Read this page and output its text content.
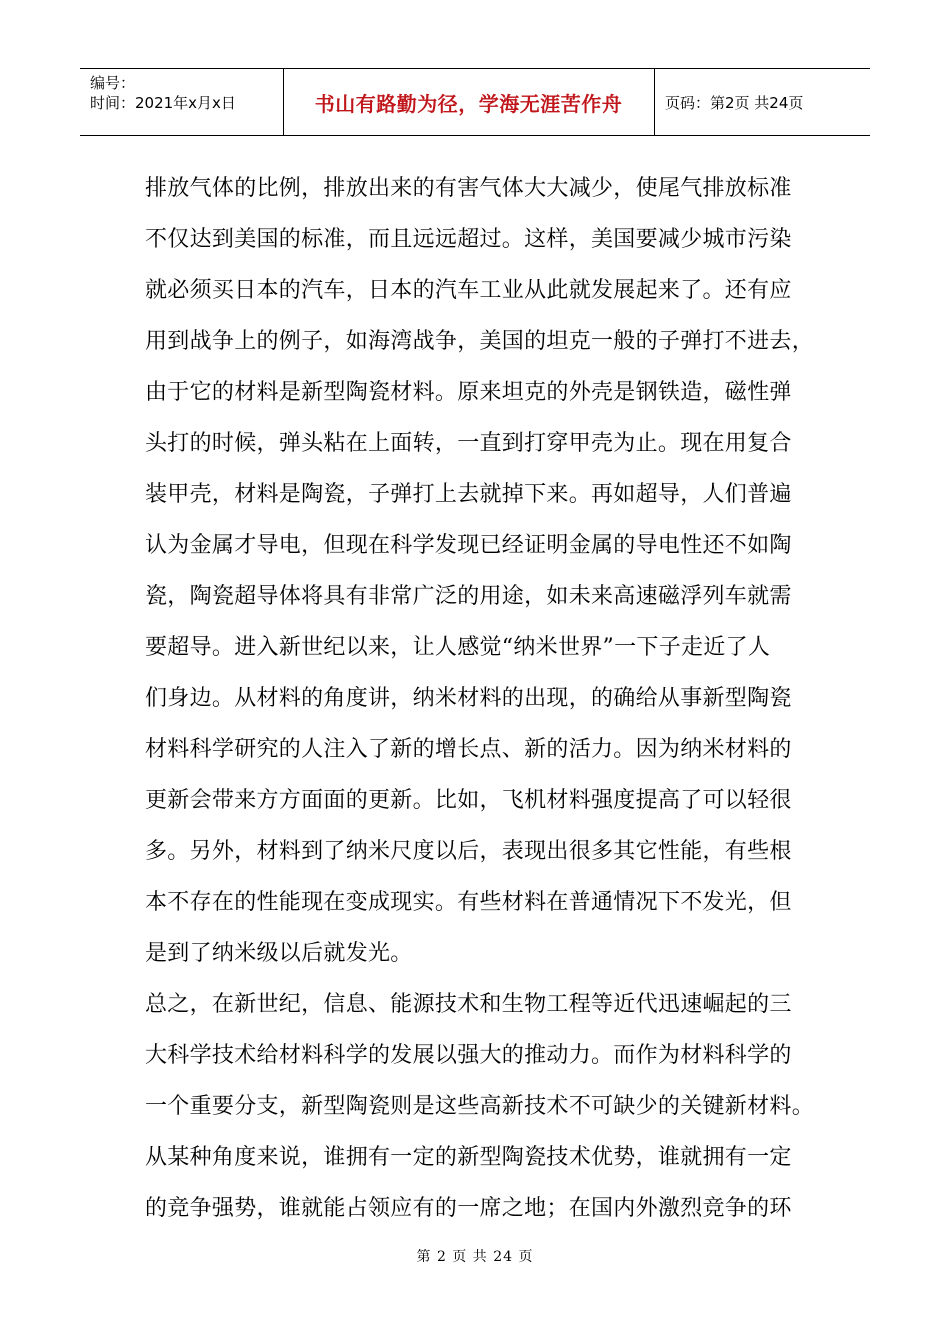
编号：
时间：2021年x月x日	书山有路勤为径，学海无涯苦作舟	页码：第2页 共24页
排放气体的比例，排放出来的有害气体大大减少，使尾气排放标准
不仅达到美国的标准，而且远远超过。这样，美国要减少城市污染
就必须买日本的汽车，日本的汽车工业从此就发展起来了。还有应
用到战争上的例子，如海湾战争，美国的坦克一般的子弹打不进去，
由于它的材料是新型陶瓷材料。原来坦克的外壳是钢铁造，磁性弹
头打的时候，弹头粘在上面转，一直到打穿甲壳为止。现在用复合
装甲壳，材料是陶瓷，子弹打上去就掉下来。再如超导，人们普遍
认为金属才导电，但现在科学发现已经证明金属的导电性还不如陶
瓷，陶瓷超导体将具有非常广泛的用途，如未来高速磁浮列车就需
要超导。进入新世纪以来，让人感觉“纳米世界”一下子走近了人
们身边。从材料的角度讲，纳米材料的出现，的确给从事新型陶瓷
材料科学研究的人注入了新的增长点、新的活力。因为纳米材料的
更新会带来方方面面的更新。比如，飞机材料强度提高了可以轻很
多。另外，材料到了纳米尺度以后，表现出很多其它性能，有些根
本不存在的性能现在变成现实。有些材料在普通情况下不发光，但
是到了纳米级以后就发光。
总之，在新世纪，信息、能源技术和生物工程等近代迅速崛起的三
大科学技术给材料科学的发展以强大的推动力。而作为材料科学的
一个重要分支，新型陶瓷则是这些高新技术不可缺少的关键新材料。
从某种角度来说，谁拥有一定的新型陶瓷技术优势，谁就拥有一定
的竞争强势，谁就能占领应有的一席之地；在国内外激烈竞争的环
第 2 页 共 24 页
